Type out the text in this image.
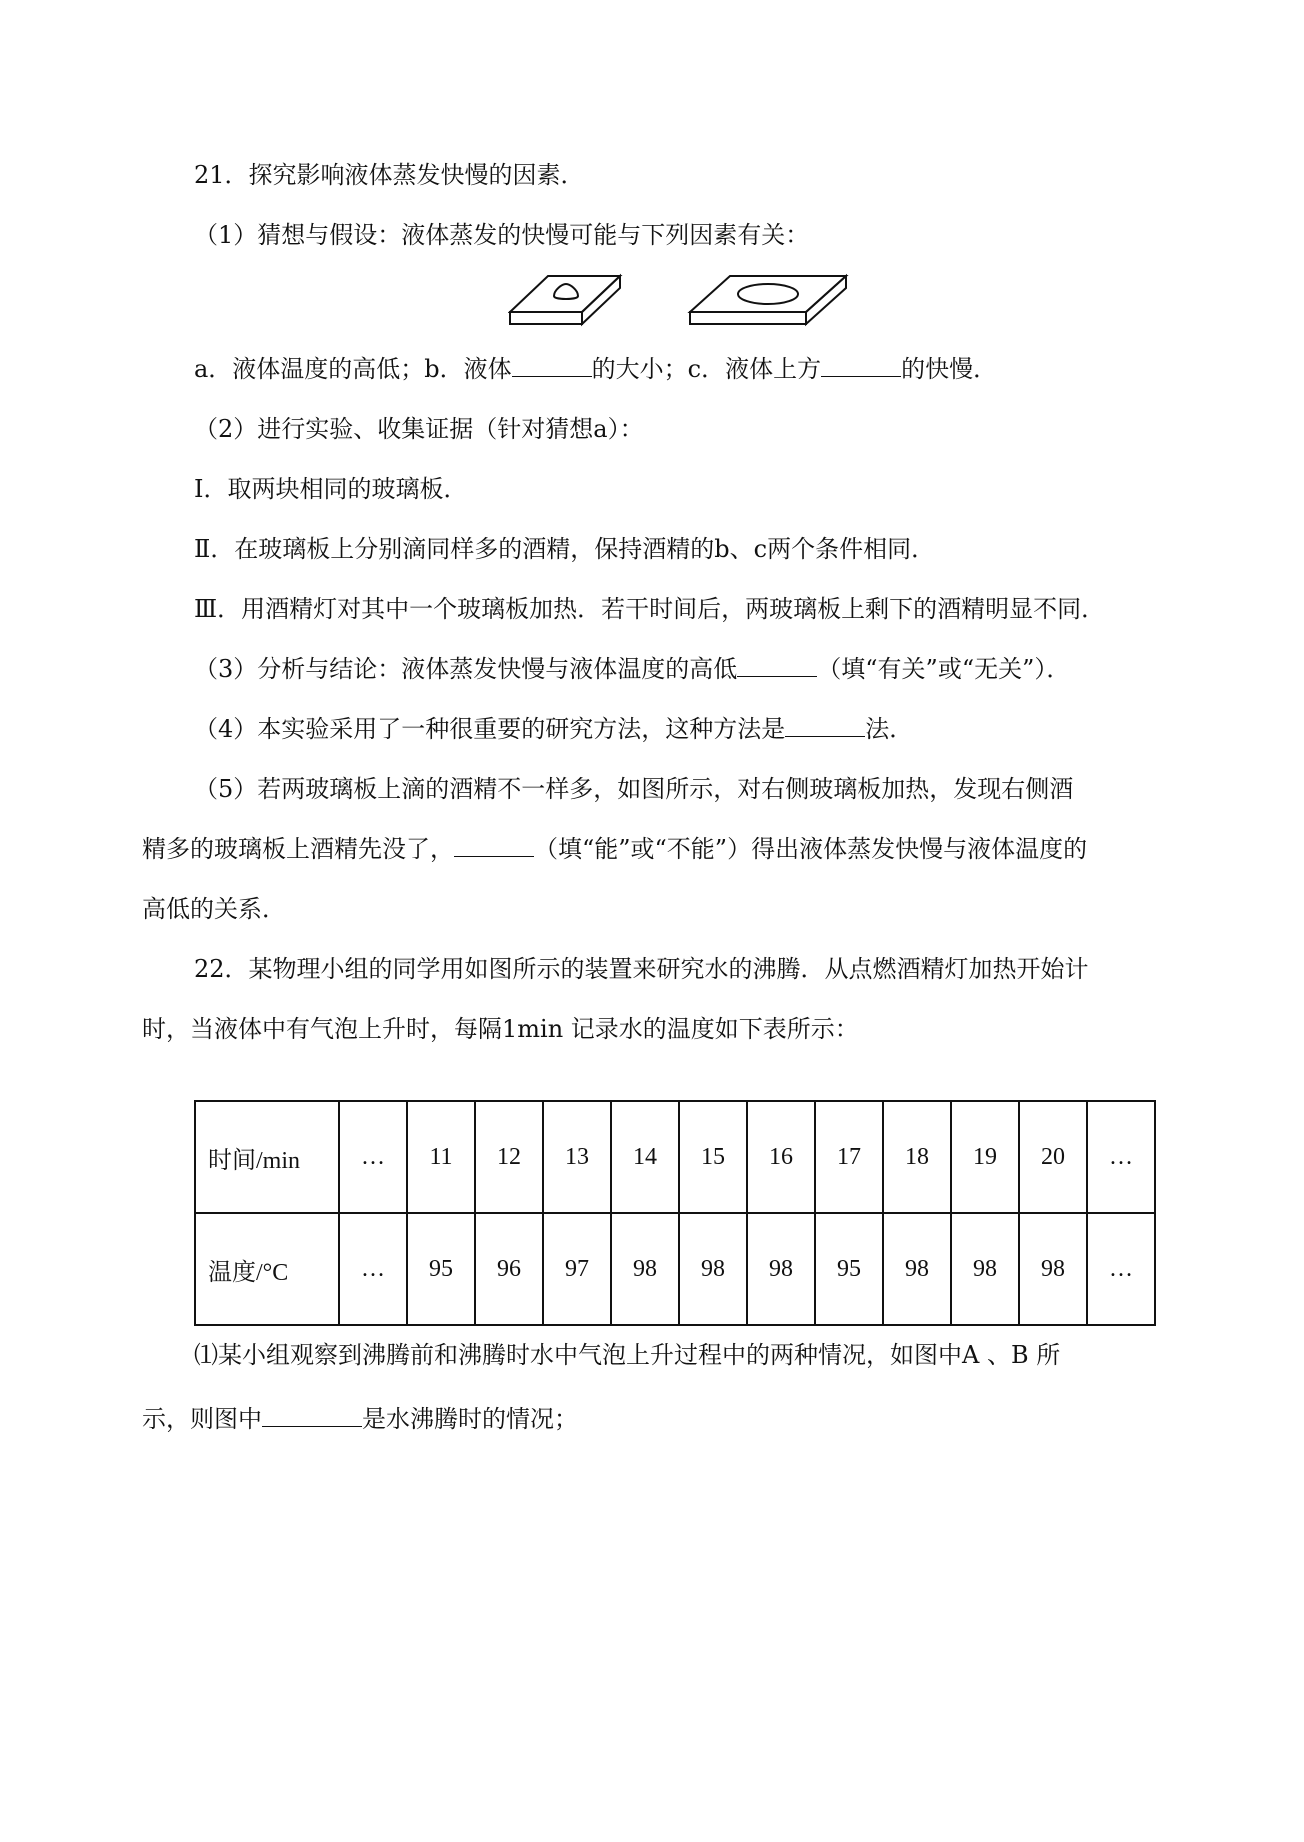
21．探究影响液体蒸发快慢的因素．
（1）猜想与假设：液体蒸发的快慢可能与下列因素有关：
a．液体温度的高低；b．液体	的大小；c．液体上方	的快慢．
（2）进行实验、收集证据（针对猜想a）：
Ⅰ．取两块相同的玻璃板．
Ⅱ．在玻璃板上分别滴同样多的酒精，保持酒精的b、c两个条件相同．
Ⅲ．用酒精灯对其中一个玻璃板加热．若干时间后，两玻璃板上剩下的酒精明显不同．
（3）分析与结论：液体蒸发快慢与液体温度的高低	（填“有关”或“无关”）．
（4）本实验采用了一种很重要的研究方法，这种方法是	法．
（5）若两玻璃板上滴的酒精不一样多，如图所示，对右侧玻璃板加热，发现右侧酒
精多的玻璃板上酒精先没了，	（填“能”或“不能”）得出液体蒸发快慢与液体温度的
高低的关系．
22．某物理小组的同学用如图所示的装置来研究水的沸腾．从点燃酒精灯加热开始计
时，当液体中有气泡上升时，每隔1min 记录水的温度如下表所示：
时间/min	…	11	12	13	14	15	16	17	18	19	20	…
温度/°C	…	95	96	97	98	98	98	95	98	98	98	…
⑴某小组观察到沸腾前和沸腾时水中气泡上升过程中的两种情况，如图中A 、B 所
示，则图中	是水沸腾时的情况；
